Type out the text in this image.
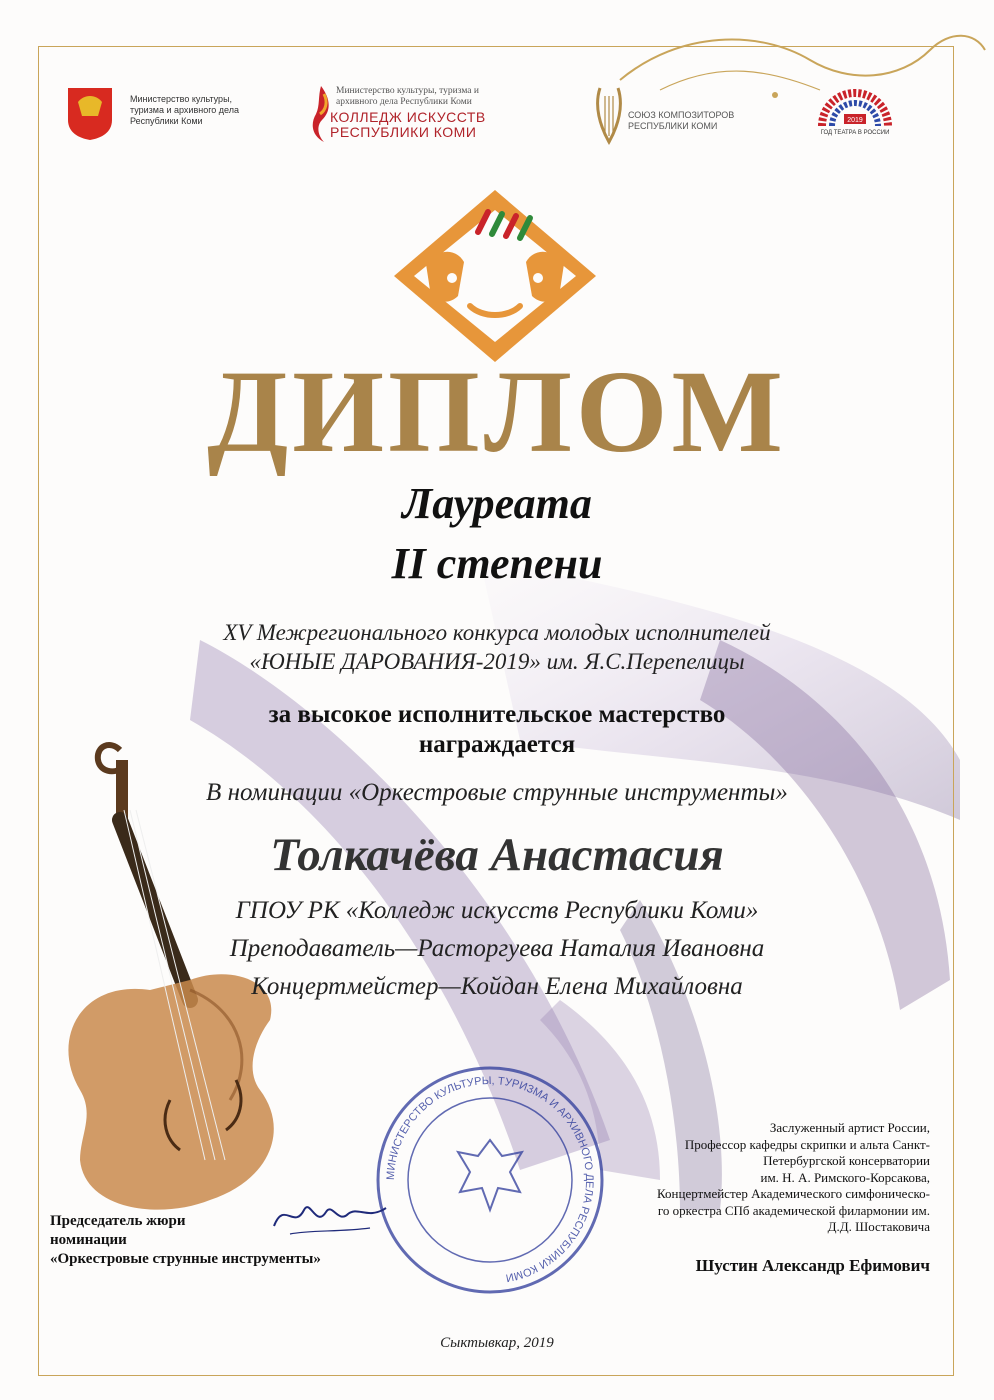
Министерство культуры, туризма и архивного дела Республики Коми
Министерство культуры, туризма и архивного дела Республики Коми
КОЛЛЕДЖ ИСКУССТВ РЕСПУБЛИКИ КОМИ
СОЮЗ КОМПОЗИТОРОВ РЕСПУБЛИКИ КОМИ
2019
ГОД ТЕАТРА В РОССИИ
ДИПЛОМ
Лауреата
II степени
XV Межрегионального конкурса молодых исполнителей
«ЮНЫЕ ДАРОВАНИЯ-2019» им. Я.С.Перепелицы
за высокое исполнительское мастерство
награждается
В номинации «Оркестровые струнные инструменты»
Толкачёва Анастасия
ГПОУ РК «Колледж искусств Республики Коми»
Преподаватель—Расторгуева Наталия Ивановна
Концертмейстер—Койдан Елена Михайловна
МИНИСТЕРСТВО КУЛЬТУРЫ, ТУРИЗМА И АРХИВНОГО ДЕЛА РЕСПУБЛИКИ КОМИ
Председатель жюри
номинации
«Оркестровые струнные инструменты»
Заслуженный артист России,
Профессор кафедры скрипки и альта Санкт-
Петербургской консерватории
им. Н. А. Римского-Корсакова,
Концертмейстер Академического симфоническо-
го оркестра СПб академической филармонии им.
Д.Д. Шостаковича
Шустин Александр Ефимович
Сыктывкар, 2019
